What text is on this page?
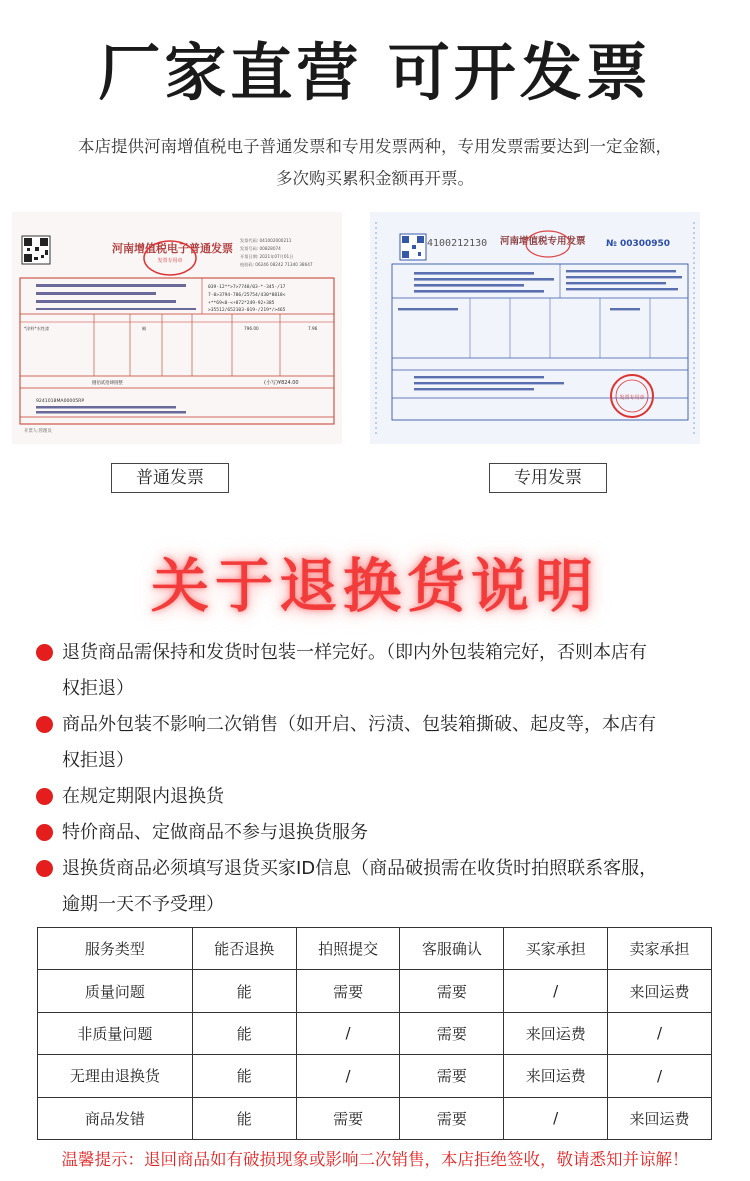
厂家直营 可开发票
本店提供河南增值税电子普通发票和专用发票两种，专用发票需要达到一定金额，
多次购买累积金额再开票。
河南增值税电子普通发票
发票专用章
发票代码: 041002000211
发票号码: 00828074
开票日期: 2021年07月01日
校验码: 06246 08242 71340 38647
039-12**>7>7748/03-*-345-/17
7-0>3794-786/25754/430*8818<
+**69<0-<+872*249-92+385
>35512/652103-019-/219*/>465
*涂料*水性漆	桶	796.00	7.96
捌佰贰拾肆圆整	(小写)¥824.00
9241018MA00005RP
开票人:管理员
4100212130 河南增值税专用发票 № 00300950
发票专用章
普通发票	专用发票
关于退换货说明
退货商品需保持和发货时包装一样完好。（即内外包装箱完好，否则本店有
权拒退）
商品外包装不影响二次销售（如开启、污渍、包装箱撕破、起皮等，本店有
权拒退）
在规定期限内退换货
特价商品、定做商品不参与退换货服务
退换货商品必须填写退货买家ID信息（商品破损需在收货时拍照联系客服，
逾期一天不予受理）
服务类型	能否退换	拍照提交	客服确认	买家承担	卖家承担
质量问题	能	需要	需要	/	来回运费
非质量问题	能	/	需要	来回运费	/
无理由退换货	能	/	需要	来回运费	/
商品发错	能	需要	需要	/	来回运费
温馨提示：退回商品如有破损现象或影响二次销售，本店拒绝签收，敬请悉知并谅解！
